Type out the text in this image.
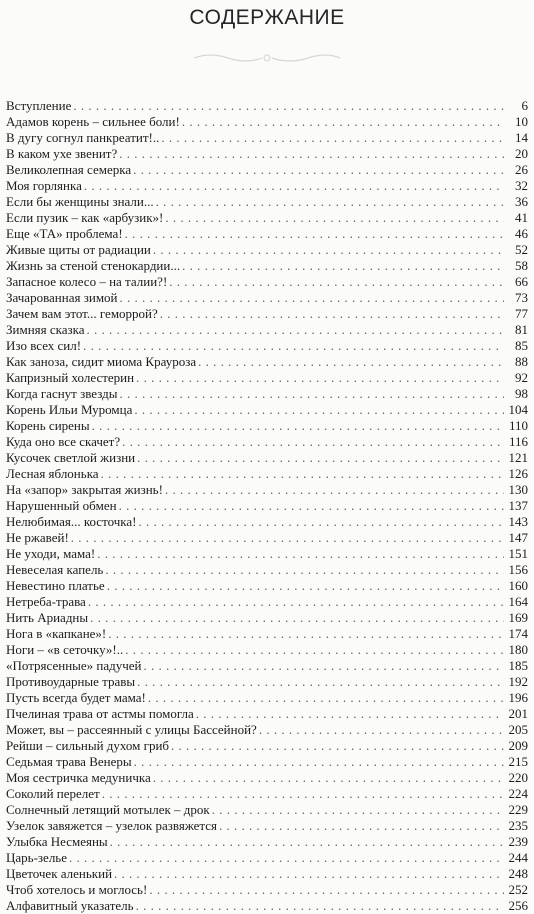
СОДЕРЖАНИЕ
Вступление . . .	6
Адамов корень – сильнее боли! . . .	10
В дугу согнул панкреатит!.. . . .	14
В каком ухе звенит? . . .	20
Великолепная семерка . . .	26
Моя горлянка . . .	32
Если бы женщины знали... . . .	36
Если пузик – как «арбузик»! . . .	41
Еще «ТА» проблема! . . .	46
Живые щиты от радиации . . .	52
Жизнь за стеной стенокардии... . . .	58
Запасное колесо – на талии?! . . .	66
Зачарованная зимой . . .	73
Зачем вам этот... геморрой? . . .	77
Зимняя сказка . . .	81
Изо всех сил! . . .	85
Как заноза, сидит миома Крауроза . . .	88
Капризный холестерин . . .	92
Когда гаснут звезды . . .	98
Корень Ильи Муромца . . .	104
Корень сирены . . .	110
Куда оно все скачет? . . .	116
Кусочек светлой жизни . . .	121
Лесная яблонька . . .	126
На «запор» закрытая жизнь! . . .	130
Нарушенный обмен . . .	137
Нелюбимая... косточка! . . .	143
Не ржавей! . . .	147
Не уходи, мама! . . .	151
Невеселая капель . . .	156
Невестино платье . . .	160
Нетреба-трава . . .	164
Нить Ариадны . . .	169
Нога в «капкане»! . . .	174
Ноги – «в сеточку»!.. . . .	180
«Потрясенные» падучей . . .	185
Противоударные травы . . .	192
Пусть всегда будет мама! . . .	196
Пчелиная трава от астмы помогла . . .	201
Может, вы – рассеянный с улицы Бассейной? . . .	205
Рейши – сильный духом гриб . . .	209
Седьмая трава Венеры . . .	215
Моя сестричка медуничка . . .	220
Соколий перелет . . .	224
Солнечный летящий мотылек – дрок . . .	229
Узелок завяжется – узелок развяжется . . .	235
Улыбка Несмеяны . . .	239
Царь-зелье . . .	244
Цветочек аленький . . .	248
Чтоб хотелось и моглось! . . .	252
Алфавитный указатель . . .	256
